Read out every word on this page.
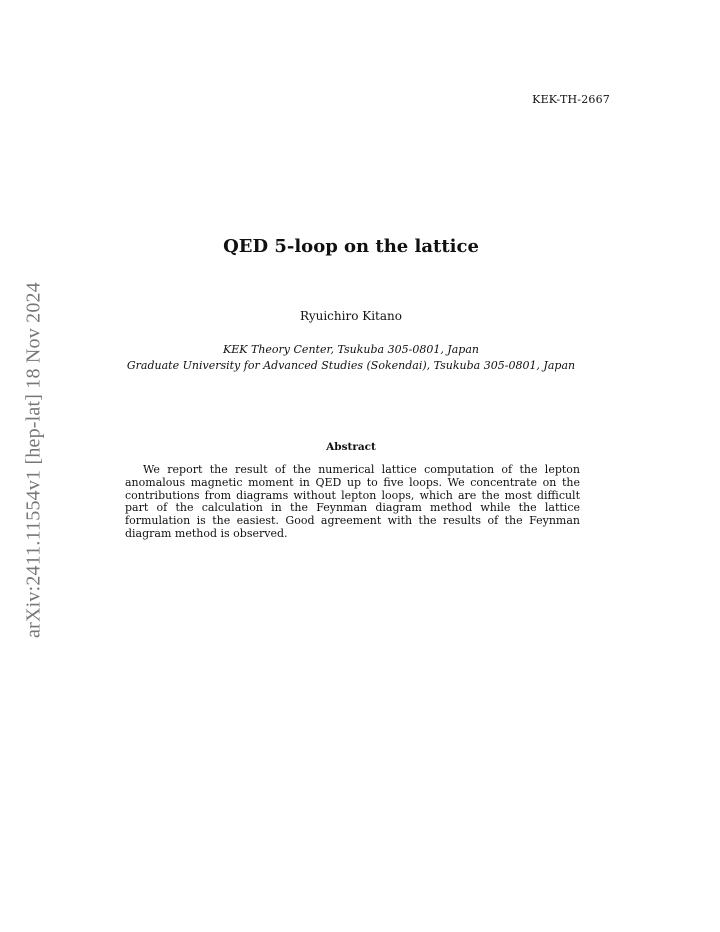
KEK-TH-2667
arXiv:2411.11554v1 [hep-lat] 18 Nov 2024
QED 5-loop on the lattice
Ryuichiro Kitano
KEK Theory Center, Tsukuba 305-0801, Japan
Graduate University for Advanced Studies (Sokendai), Tsukuba 305-0801, Japan
Abstract
We report the result of the numerical lattice computation of the lepton anomalous magnetic moment in QED up to five loops. We concentrate on the contributions from diagrams without lepton loops, which are the most difficult part of the calculation in the Feynman diagram method while the lattice formulation is the easiest. Good agreement with the results of the Feynman diagram method is observed.
